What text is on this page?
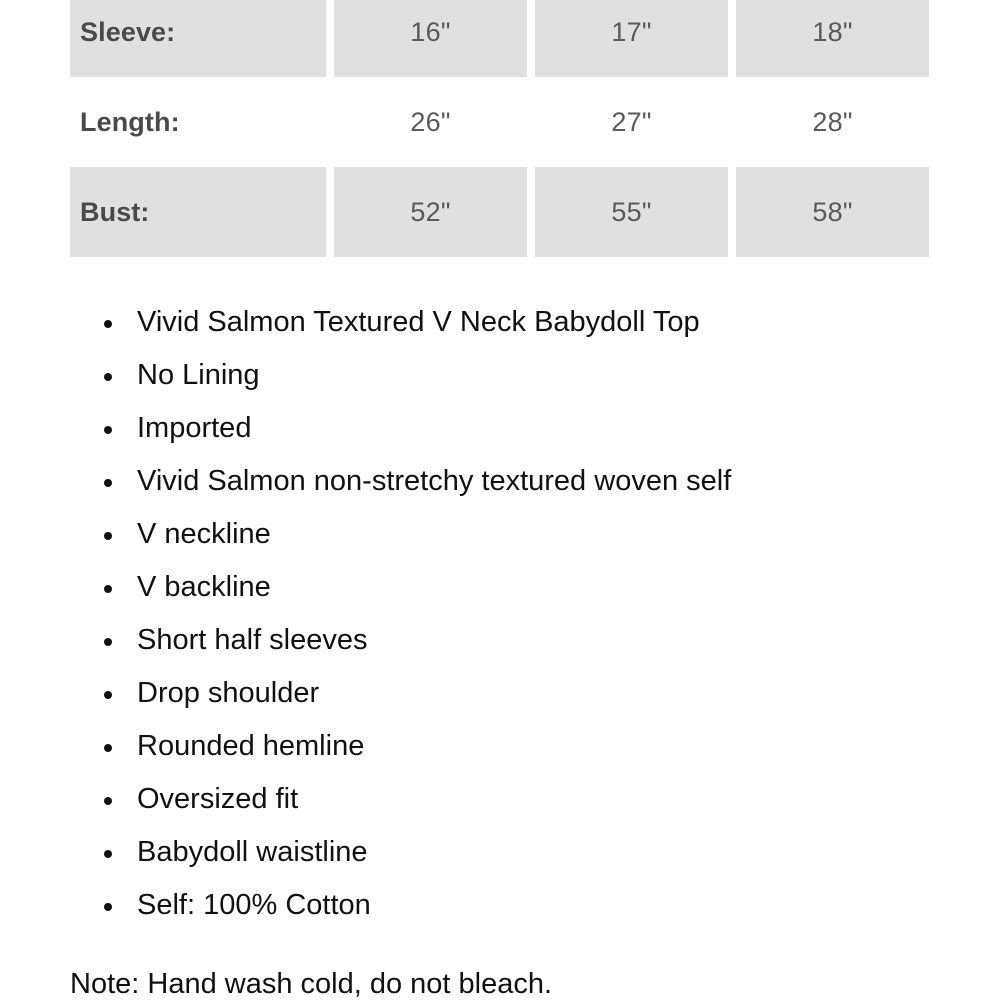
Sleeve:	16"	17"	18"
Length:	26"	27"	28"
Bust:	52"	55"	58"
Vivid Salmon Textured V Neck Babydoll Top
No Lining
Imported
Vivid Salmon non-stretchy textured woven self
V neckline
V backline
Short half sleeves
Drop shoulder
Rounded hemline
Oversized fit
Babydoll waistline
Self: 100% Cotton
Note: Hand wash cold, do not bleach.
